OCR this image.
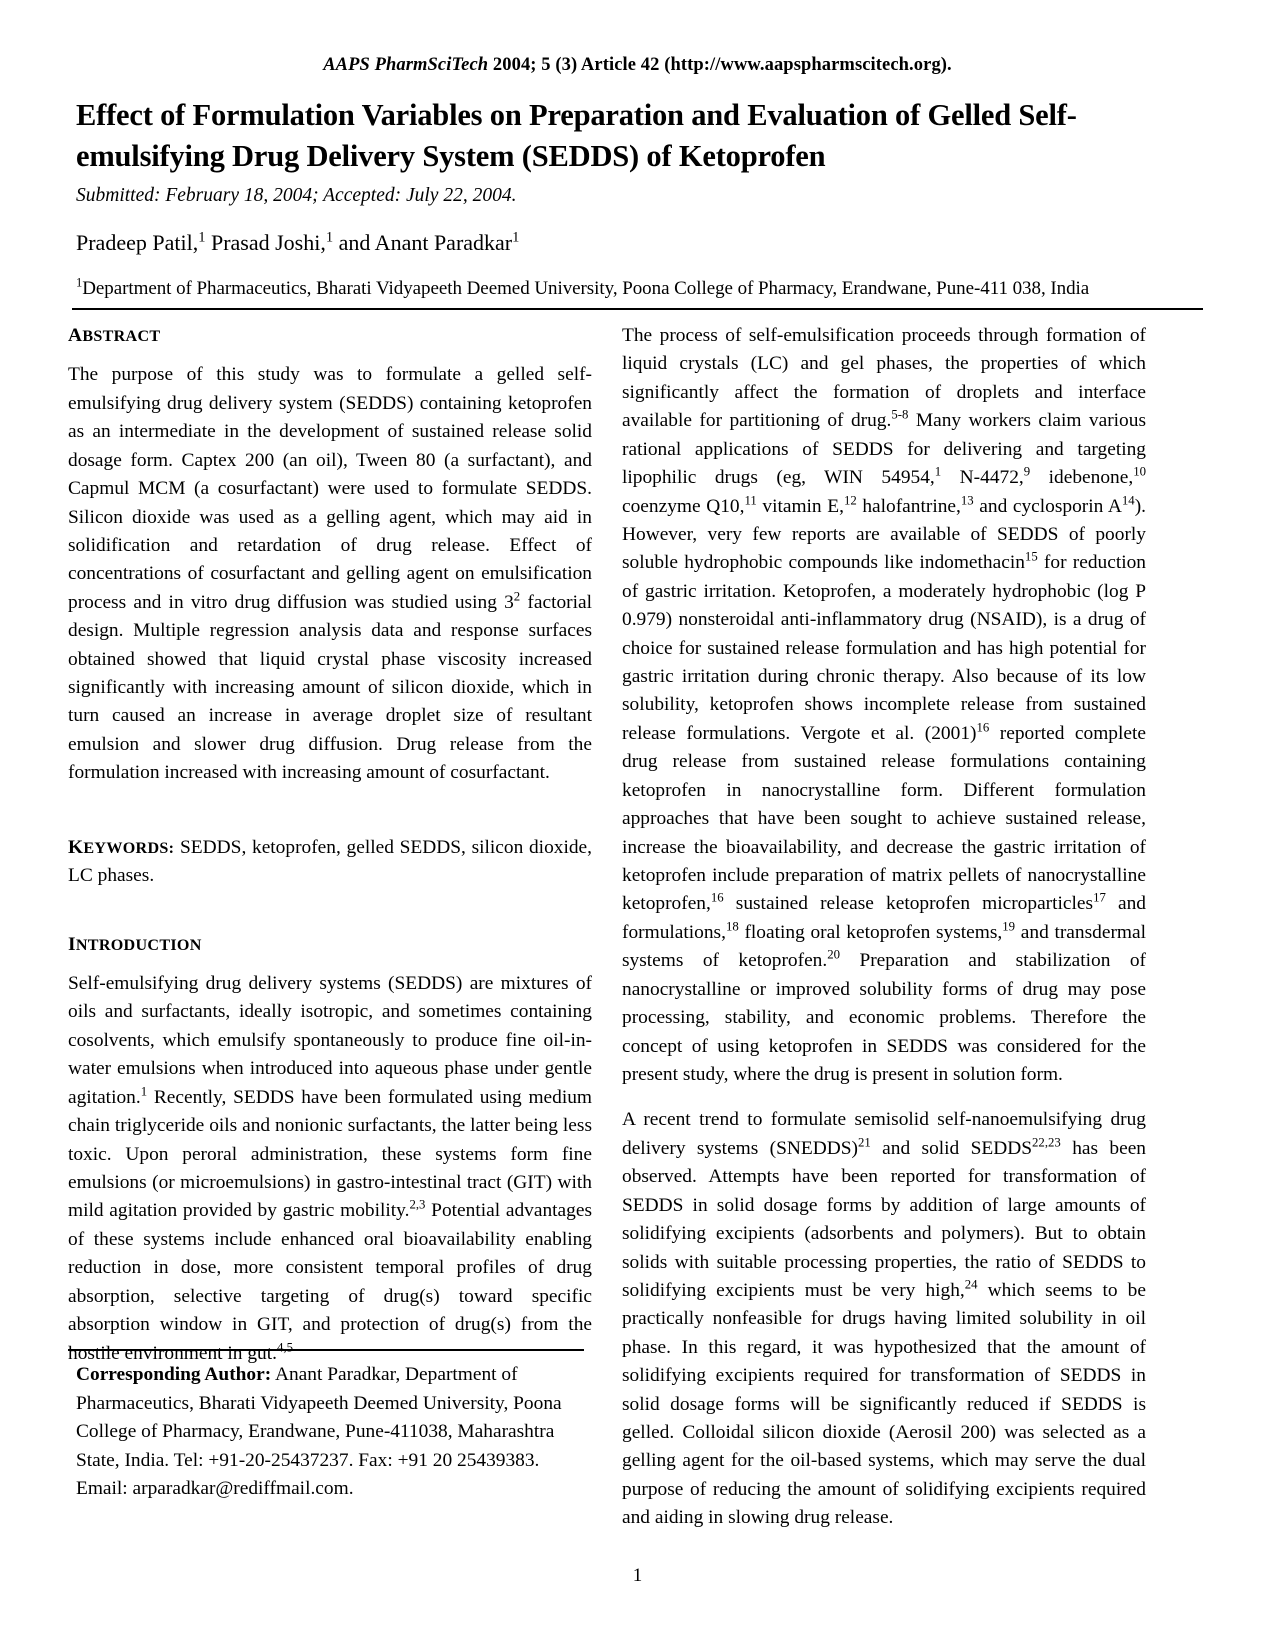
AAPS PharmSciTech 2004; 5 (3) Article 42 (http://www.aapspharmscitech.org).
Effect of Formulation Variables on Preparation and Evaluation of Gelled Self-emulsifying Drug Delivery System (SEDDS) of Ketoprofen
Submitted: February 18, 2004; Accepted: July 22, 2004.
Pradeep Patil,$^1$ Prasad Joshi,$^1$ and Anant Paradkar$^1$
$^1$Department of Pharmaceutics, Bharati Vidyapeeth Deemed University, Poona College of Pharmacy, Erandwane, Pune-411 038, India
ABSTRACT

The purpose of this study was to formulate a gelled self-emulsifying drug delivery system (SEDDS) containing ketoprofen as an intermediate in the development of sustained release solid dosage form. Captex 200 (an oil), Tween 80 (a surfactant), and Capmul MCM (a cosurfactant) were used to formulate SEDDS. Silicon dioxide was used as a gelling agent, which may aid in solidification and retardation of drug release. Effect of concentrations of cosurfactant and gelling agent on emulsification process and in vitro drug diffusion was studied using $3^2$ factorial design. Multiple regression analysis data and response surfaces obtained showed that liquid crystal phase viscosity increased significantly with increasing amount of silicon dioxide, which in turn caused an increase in average droplet size of resultant emulsion and slower drug diffusion. Drug release from the formulation increased with increasing amount of cosurfactant.

KEYWORDS: SEDDS, ketoprofen, gelled SEDDS, silicon dioxide, LC phases.

INTRODUCTION

Self-emulsifying drug delivery systems (SEDDS) are mixtures of oils and surfactants, ideally isotropic, and sometimes containing cosolvents, which emulsify spontaneously to produce fine oil-in-water emulsions when introduced into aqueous phase under gentle agitation.$^1$ Recently, SEDDS have been formulated using medium chain triglyceride oils and nonionic surfactants, the latter being less toxic. Upon peroral administration, these systems form fine emulsions (or microemulsions) in gastro-intestinal tract (GIT) with mild agitation provided by gastric mobility.$^{2,3}$ Potential advantages of these systems include enhanced oral bioavailability enabling reduction in dose, more consistent temporal profiles of drug absorption, selective targeting of drug(s) toward specific absorption window in GIT, and protection of drug(s) from the hostile environment in gut.$^{4,5}$

Corresponding Author: Anant Paradkar, Department of Pharmaceutics, Bharati Vidyapeeth Deemed University, Poona College of Pharmacy, Erandwane, Pune-411038, Maharashtra State, India. Tel: +91-20-25437237. Fax: +91 20 25439383. Email: arparadkar@rediffmail.com.

The process of self-emulsification proceeds through formation of liquid crystals (LC) and gel phases, the properties of which significantly affect the formation of droplets and interface available for partitioning of drug.$^{5-8}$ Many workers claim various rational applications of SEDDS for delivering and targeting lipophilic drugs (eg, WIN 54954,$^1$ N-4472,$^9$ idebenone,$^{10}$ coenzyme Q10,11 vitamin E,$^{12}$ halofantrine,$^{13}$ and cyclosporin $A^{14}$). However, very few reports are available of SEDDS of poorly soluble hydrophobic compounds like indomethacin$^{15}$ for reduction of gastric irritation. Ketoprofen, a moderately hydrophobic (log P 0.979) nonsteroidal anti-inflammatory drug (NSAID), is a drug of choice for sustained release formulation and has high potential for gastric irritation during chronic therapy. Also because of its low solubility, ketoprofen shows incomplete release from sustained release formulations. Vergote et al. $(2001)^{16}$ reported complete drug release from sustained release formulations containing ketoprofen in nanocrystalline form. Different formulation approaches that have been sought to achieve sustained release, increase the bioavailability, and decrease the gastric irritation of ketoprofen include preparation of matrix pellets of nanocrystalline ketoprofen,$^{16}$ sustained release ketoprofen microparticles$^{17}$ and formulations,$^{18}$ floating oral ketoprofen systems,$^{19}$ and transdermal systems of ketoprofen.$^{20}$ Preparation and stabilization of nanocrystalline or improved solubility forms of drug may pose processing, stability, and economic problems. Therefore the concept of using ketoprofen in SEDDS was considered for the present study, where the drug is present in solution form.

A recent trend to formulate semisolid self-nanoemulsifying drug delivery systems (SNEDDS)$^{21}$ and solid SEDDS$^{22,23}$ has been observed. Attempts have been reported for transformation of SEDDS in solid dosage forms by addition of large amounts of solidifying excipients (adsorbents and polymers). But to obtain solids with suitable processing properties, the ratio of SEDDS to solidifying excipients must be very high,$^{24}$ which seems to be practically nonfeasible for drugs having limited solubility in oil phase. In this regard, it was hypothesized that the amount of solidifying excipients required for transformation of SEDDS in solid dosage forms will be significantly reduced if SEDDS is gelled. Colloidal silicon dioxide (Aerosil 200) was selected as a gelling agent for the oil-based systems, which may serve the dual purpose of reducing the amount of solidifying excipients required and aiding in slowing drug release.

1
